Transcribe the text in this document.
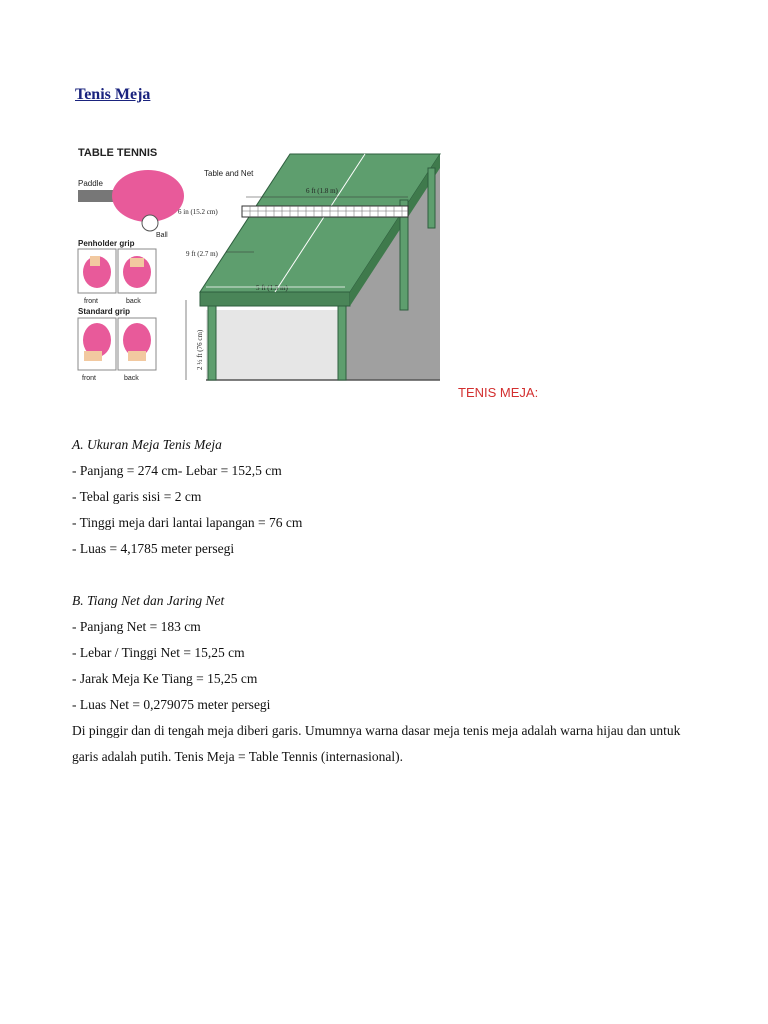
Tenis Meja
TABLE TENNIS
Paddle
Ball
Penholder grip
front	back
Standard grip
front	back
Table and Net
6 ft (1.8 m)
6 in (15.2 cm)
9 ft (2.7 m)
5 ft (1.5 m)
2 ½ ft (76 cm)
TENIS MEJA:

A. Ukuran Meja Tenis Meja

- Panjang = 274 cm- Lebar = 152,5 cm

- Tebal garis sisi = 2 cm

- Tinggi meja dari lantai lapangan = 76 cm

- Luas = 4,1785 meter persegi

B. Tiang Net dan Jaring Net

- Panjang Net = 183 cm

- Lebar / Tinggi Net = 15,25 cm

- Jarak Meja Ke Tiang = 15,25 cm

- Luas Net = 0,279075 meter persegi

Di pinggir dan di tengah meja diberi garis. Umumnya warna dasar meja tenis meja adalah warna hijau dan untuk garis adalah putih. Tenis Meja = Table Tennis (internasional).
